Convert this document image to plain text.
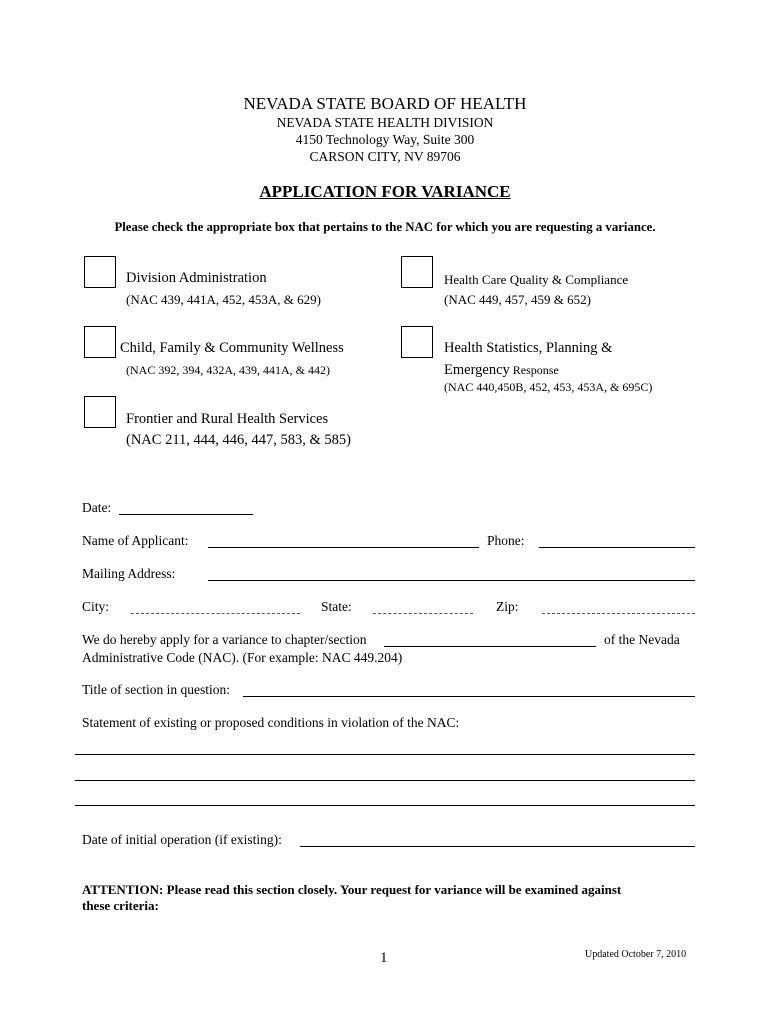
NEVADA STATE BOARD OF HEALTH
NEVADA STATE HEALTH DIVISION
4150 Technology Way, Suite 300
CARSON CITY, NV 89706
APPLICATION FOR VARIANCE
Please check the appropriate box that pertains to the NAC for which you are requesting a variance.
Division Administration
(NAC 439, 441A, 452, 453A, & 629)
Health Care Quality & Compliance
(NAC 449, 457, 459 & 652)
Child, Family & Community Wellness
(NAC 392, 394, 432A, 439, 441A, & 442)
Health Statistics, Planning &
Emergency Response
(NAC 440,450B, 452, 453, 453A, & 695C)
Frontier and Rural Health Services
(NAC 211, 444, 446, 447, 583, & 585)
Date:
Name of Applicant:	Phone:
Mailing Address:
City:	State:	Zip:
We do hereby apply for a variance to chapter/section	of the Nevada
Administrative Code (NAC). (For example: NAC 449.204)
Title of section in question:
Statement of existing or proposed conditions in violation of the NAC:
Date of initial operation (if existing):
ATTENTION: Please read this section closely. Your request for variance will be examined against
these criteria:
1	Updated October 7, 2010
